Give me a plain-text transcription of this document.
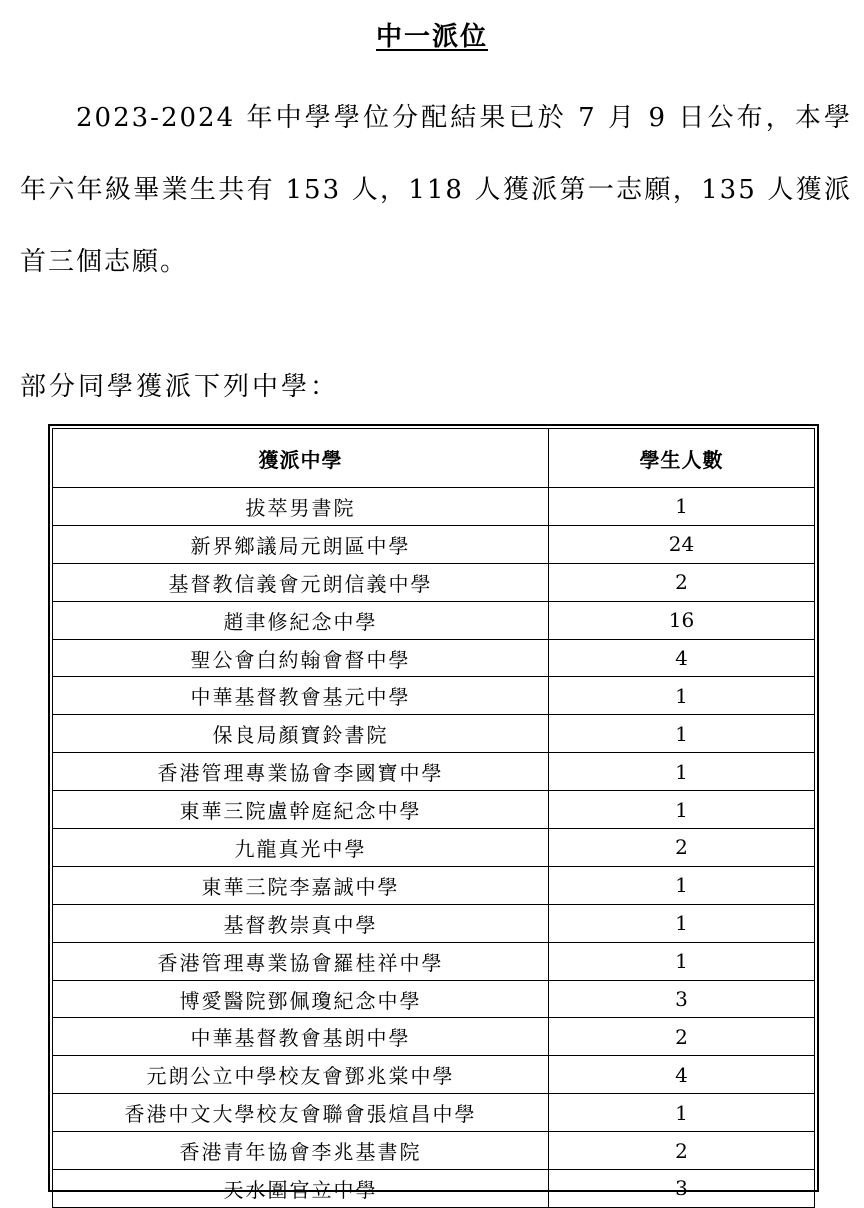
中一派位

2023-2024 年中學學位分配結果已於 7 月 9 日公布，本學年六年級畢業生共有 153 人，118 人獲派第一志願，135 人獲派首三個志願。

部分同學獲派下列中學：

獲派中學	學生人數
拔萃男書院	1
新界鄉議局元朗區中學	24
基督教信義會元朗信義中學	2
趙聿修紀念中學	16
聖公會白約翰會督中學	4
中華基督教會基元中學	1
保良局顏寶鈴書院	1
香港管理專業協會李國寶中學	1
東華三院盧幹庭紀念中學	1
九龍真光中學	2
東華三院李嘉誠中學	1
基督教崇真中學	1
香港管理專業協會羅桂祥中學	1
博愛醫院鄧佩瓊紀念中學	3
中華基督教會基朗中學	2
元朗公立中學校友會鄧兆棠中學	4
香港中文大學校友會聯會張煊昌中學	1
香港青年協會李兆基書院	2
天水圍官立中學	3
